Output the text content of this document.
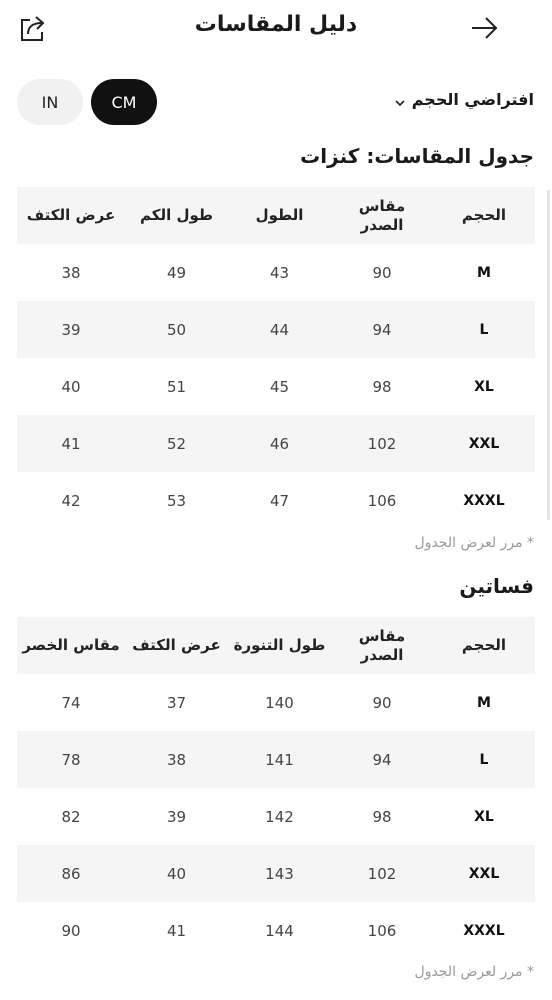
دليل المقاسات
IN	CM	افتراضي الحجم
جدول المقاسات: كنزات
الحجم	مقاس الصدر	الطول	طول الكم	عرض الكتف
M	90	43	49	38
L	94	44	50	39
XL	98	45	51	40
XXL	102	46	52	41
XXXL	106	47	53	42
* مرر لعرض الجدول
فساتين
الحجم	مقاس الصدر	طول التنورة	عرض الكتف	مقاس الخصر
M	90	140	37	74
L	94	141	38	78
XL	98	142	39	82
XXL	102	143	40	86
XXXL	106	144	41	90
* مرر لعرض الجدول
